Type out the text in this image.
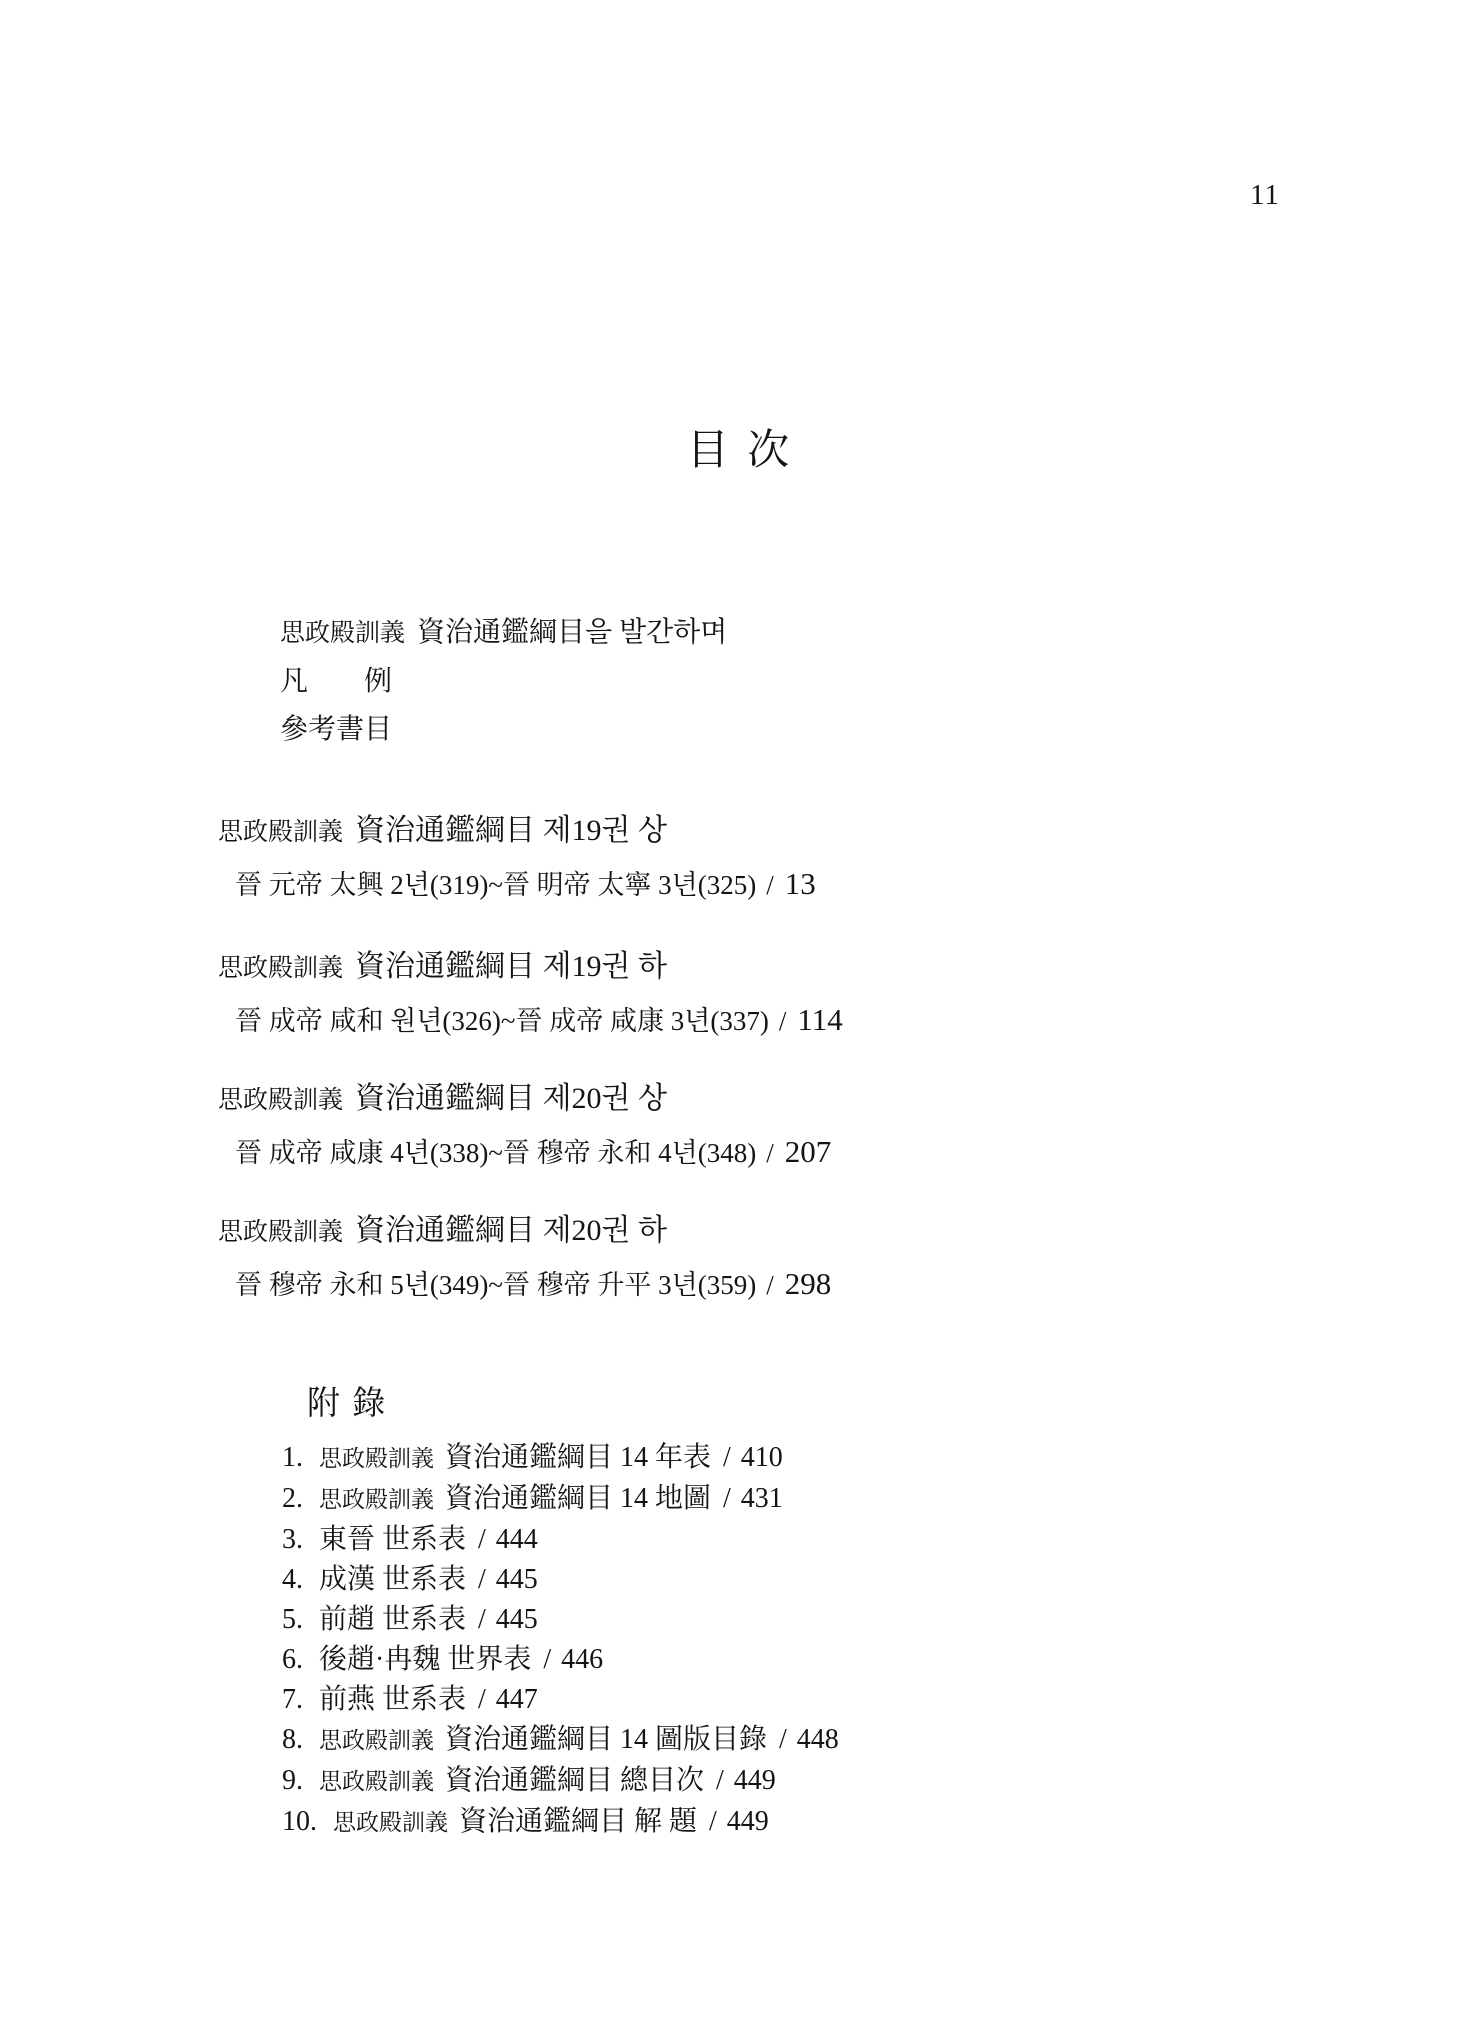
11
目 次
思政殿訓義 資治通鑑綱目을 발간하며
凡 例
參考書目
思政殿訓義 資治通鑑綱目 제19권 상
晉 元帝 太興 2년(319)~晉 明帝 太寧 3년(325) / 13
思政殿訓義 資治通鑑綱目 제19권 하
晉 成帝 咸和 원년(326)~晉 成帝 咸康 3년(337) / 114
思政殿訓義 資治通鑑綱目 제20권 상
晉 成帝 咸康 4년(338)~晉 穆帝 永和 4년(348) / 207
思政殿訓義 資治通鑑綱目 제20권 하
晉 穆帝 永和 5년(349)~晉 穆帝 升平 3년(359) / 298
附 錄
1. 思政殿訓義 資治通鑑綱目 14 年表 / 410
2. 思政殿訓義 資治通鑑綱目 14 地圖 / 431
3. 東晉 世系表 / 444
4. 成漢 世系表 / 445
5. 前趙 世系表 / 445
6. 後趙·冉魏 世界表 / 446
7. 前燕 世系表 / 447
8. 思政殿訓義 資治通鑑綱目 14 圖版目錄 / 448
9. 思政殿訓義 資治通鑑綱目 總目次 / 449
10. 思政殿訓義 資治通鑑綱目 解 題 / 449
